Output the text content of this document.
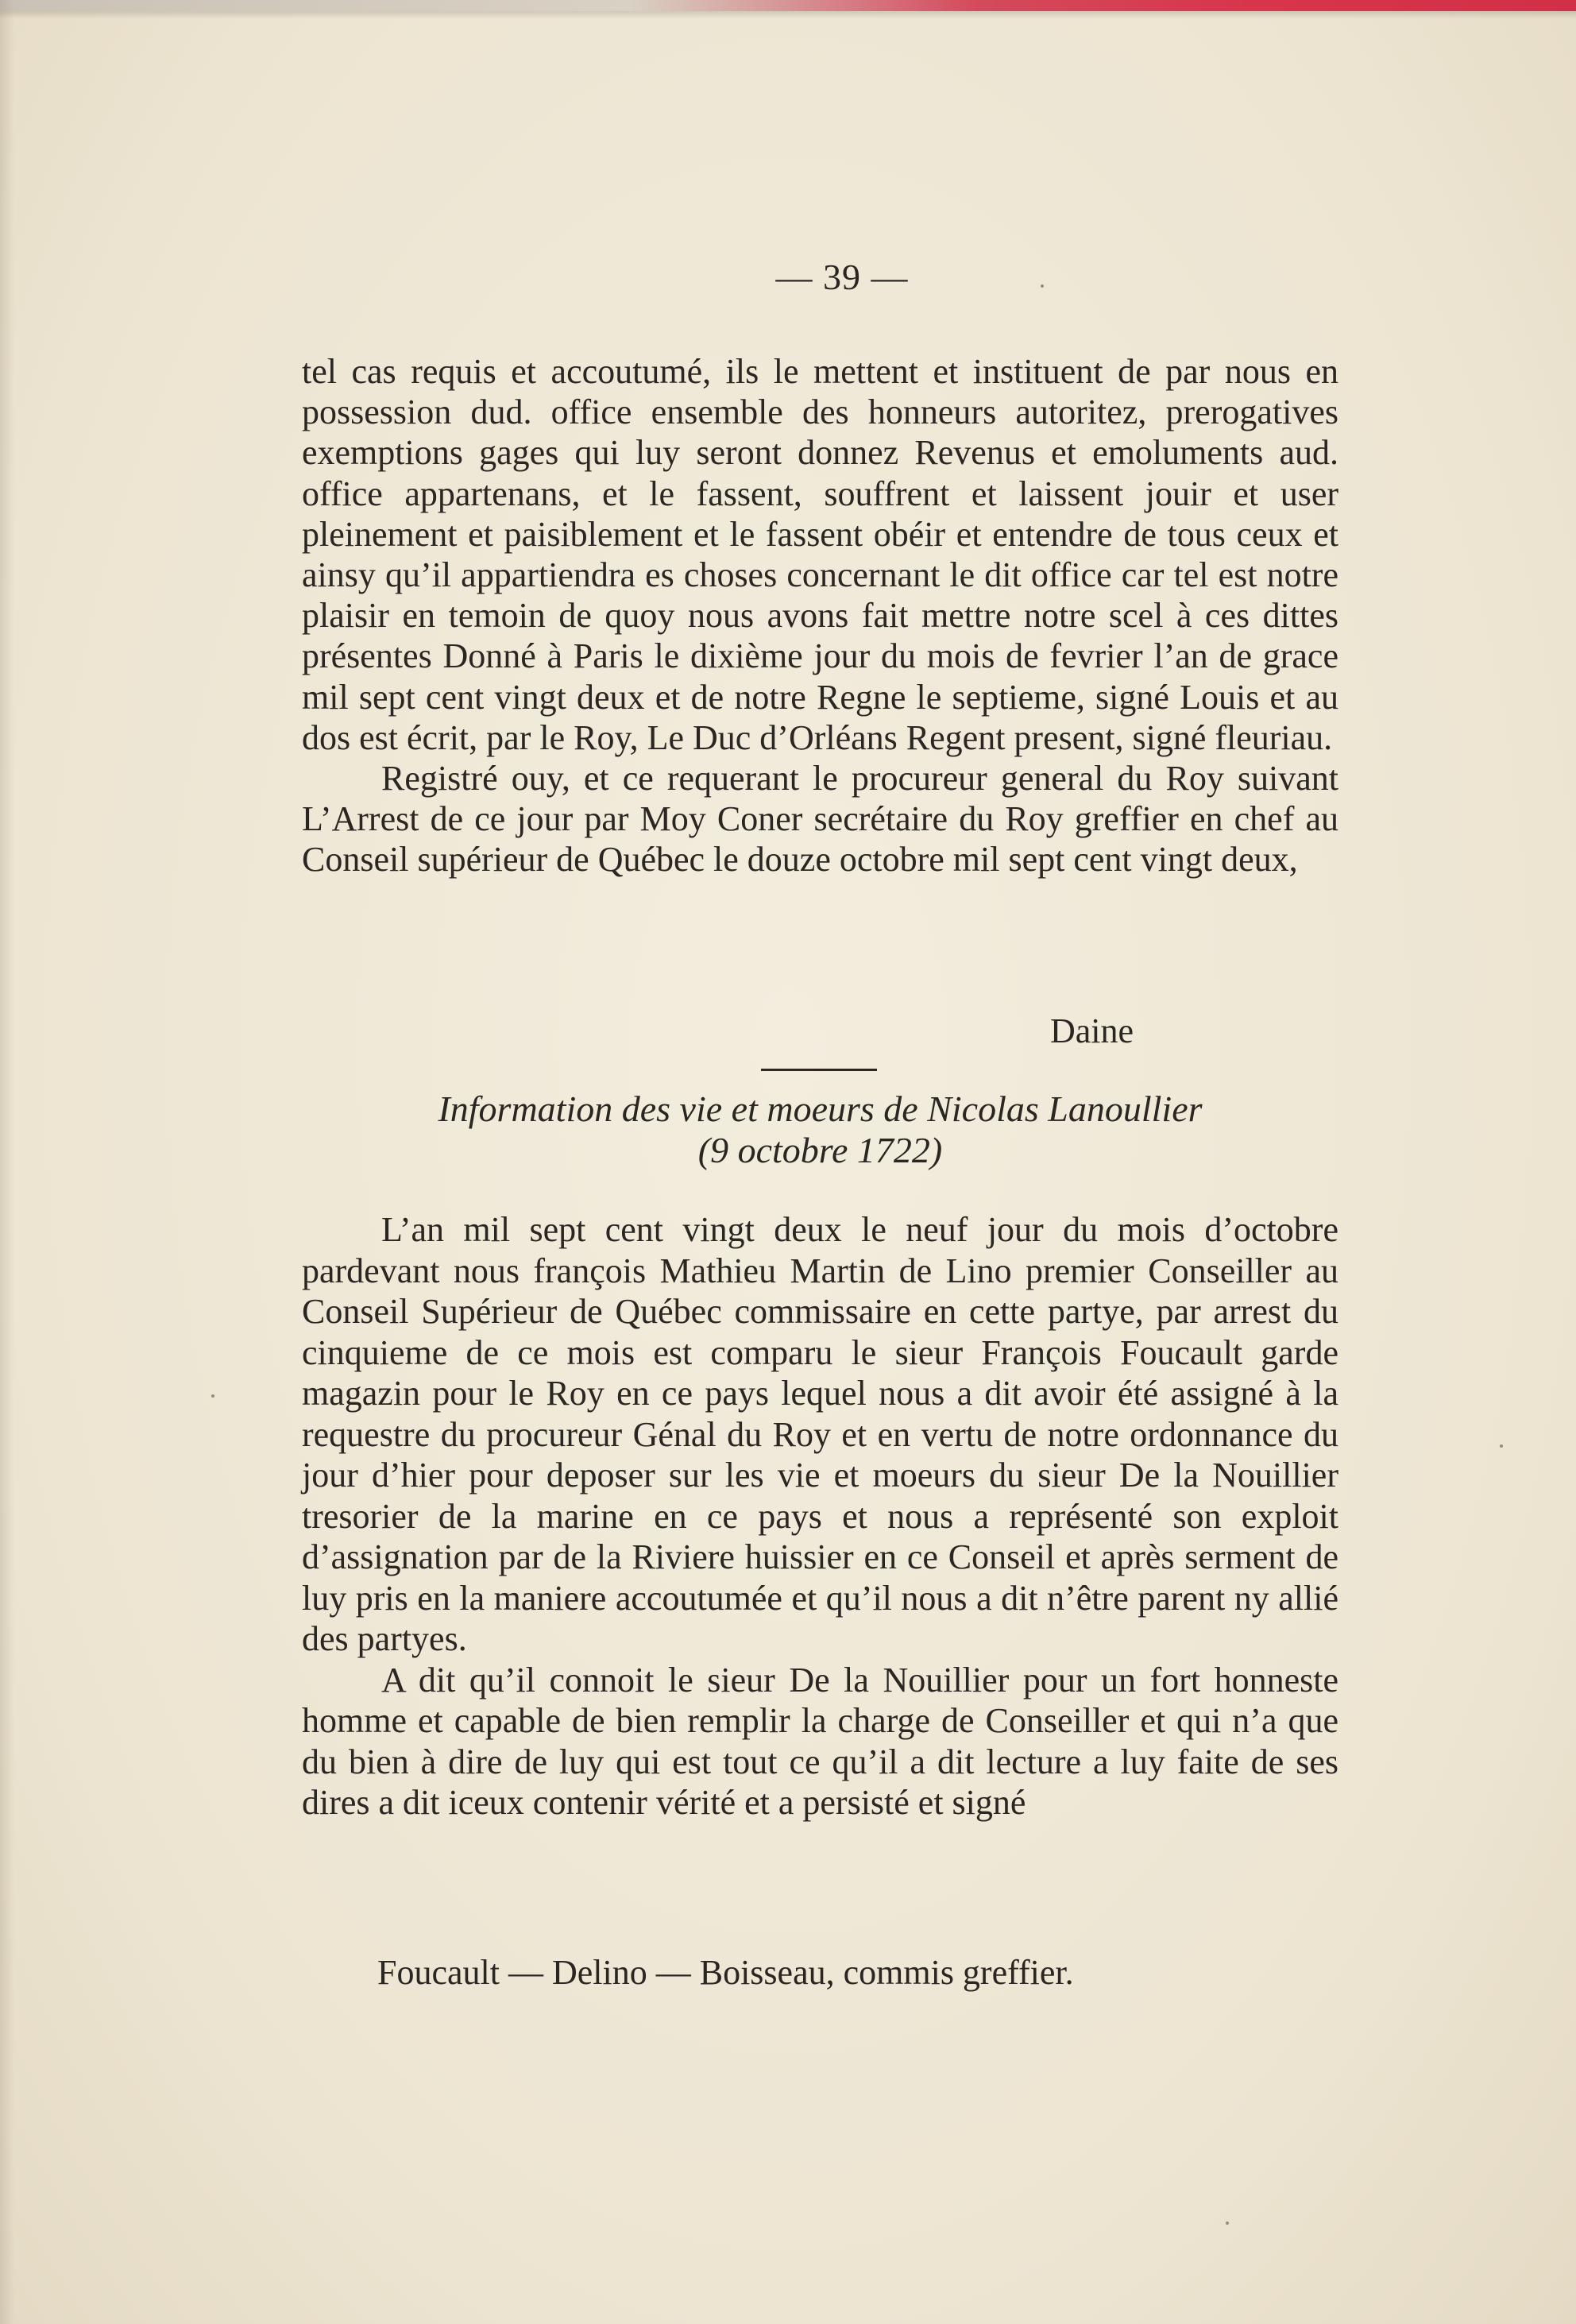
— 39 —

tel cas requis et accoutumé, ils le mettent et instituent de par nous en possession dud. office ensemble des honneurs autoritez, prerogatives exemptions gages qui luy seront donnez Revenus et emoluments aud. office appartenans, et le fassent, souffrent et laissent jouir et user pleinement et paisiblement et le fassent obéir et entendre de tous ceux et ainsy qu’il appartiendra es choses concernant le dit office car tel est notre plaisir en temoin de quoy nous avons fait mettre notre scel à ces dittes présentes Donné à Paris le dixième jour du mois de fevrier l’an de grace mil sept cent vingt deux et de notre Regne le septieme, signé Louis et au dos est écrit, par le Roy, Le Duc d’Orléans Regent present, signé fleuriau.

Registré ouy, et ce requerant le procureur general du Roy suivant L’Arrest de ce jour par Moy Coner secrétaire du Roy greffier en chef au Conseil supérieur de Québec le douze octobre mil sept cent vingt deux,

Daine
Information des vie et moeurs de Nicolas Lanoullier
(9 octobre 1722)

L’an mil sept cent vingt deux le neuf jour du mois d’octobre pardevant nous françois Mathieu Martin de Lino premier Conseiller au Conseil Supérieur de Québec commissaire en cette partye, par arrest du cinquieme de ce mois est comparu le sieur François Foucault garde magazin pour le Roy en ce pays lequel nous a dit avoir été assigné à la requestre du procureur Génal du Roy et en vertu de notre ordonnance du jour d’hier pour deposer sur les vie et moeurs du sieur De la Nouillier tresorier de la marine en ce pays et nous a représenté son exploit d’assignation par de la Riviere huissier en ce Conseil et après serment de luy pris en la maniere accoutumée et qu’il nous a dit n’être parent ny allié des partyes.

A dit qu’il connoit le sieur De la Nouillier pour un fort honneste homme et capable de bien remplir la charge de Conseiller et qui n’a que du bien à dire de luy qui est tout ce qu’il a dit lecture a luy faite de ses dires a dit iceux contenir vérité et a persisté et signé

Foucault — Delino — Boisseau, commis greffier.
